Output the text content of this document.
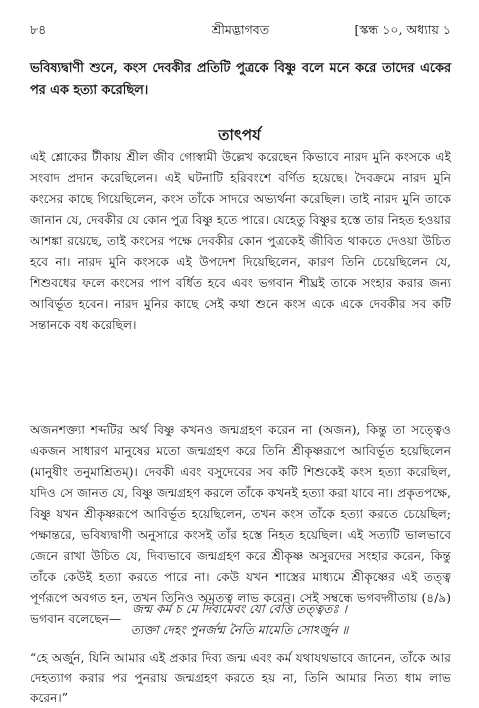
৮৪	শ্রীমদ্ভাগবত	[স্কন্ধ ১০, অধ্যায় ১
ভবিষ্যদ্বাণী শুনে, কংস দেবকীর প্রতিটি পুত্রকে বিষ্ণু বলে মনে করে তাদের একের পর এক হত্যা করেছিল।
তাৎপর্য

এই শ্লোকের টীকায় শ্রীল জীব গোস্বামী উল্লেখ করেছেন কিভাবে নারদ মুনি কংসকে এই সংবাদ প্রদান করেছিলেন। এই ঘটনাটি হরিবংশে বর্ণিত হয়েছে। দৈবক্রমে নারদ মুনি কংসের কাছে গিয়েছিলেন, কংস তাঁকে সাদরে অভ্যর্থনা করেছিল। তাই নারদ মুনি তাকে জানান যে, দেবকীর যে কোন পুত্র বিষ্ণু হতে পারে। যেহেতু বিষ্ণুর হস্তে তার নিহত হওয়ার আশঙ্কা রয়েছে, তাই কংসের পক্ষে দেবকীর কোন পুত্রকেই জীবিত থাকতে দেওয়া উচিত হবে না। নারদ মুনি কংসকে এই উপদেশ দিয়েছিলেন, কারণ তিনি চেয়েছিলেন যে, শিশুবধের ফলে কংসের পাপ বর্ধিত হবে এবং ভগবান শীঘ্রই তাকে সংহার করার জন্য আবির্ভূত হবেন। নারদ মুনির কাছে সেই কথা শুনে কংস একে একে দেবকীর সব কটি সন্তানকে বধ করেছিল।

অজনশক্ত্যা শব্দটির অর্থ বিষ্ণু কখনও জন্মগ্রহণ করেন না (অজন), কিন্তু তা সত্ত্বেও একজন সাধারণ মানুষের মতো জন্মগ্রহণ করে তিনি শ্রীকৃষ্ণরূপে আবির্ভূত হয়েছিলেন (মানুষীং তনুমাশ্রিতম্)। দেবকী এবং বসুদেবের সব কটি শিশুকেই কংস হত্যা করেছিল, যদিও সে জানত যে, বিষ্ণু জন্মগ্রহণ করলে তাঁকে কখনই হত্যা করা যাবে না। প্রকৃতপক্ষে, বিষ্ণু যখন শ্রীকৃষ্ণরূপে আবির্ভূত হয়েছিলেন, তখন কংস তাঁকে হত্যা করতে চেয়েছিল; পক্ষান্তরে, ভবিষ্যদ্বাণী অনুসারে কংসই তাঁর হস্তে নিহত হয়েছিল। এই সত্যটি ভালভাবে জেনে রাখা উচিত যে, দিব্যভাবে জন্মগ্রহণ করে শ্রীকৃষ্ণ অসুরদের সংহার করেন, কিন্তু তাঁকে কেউই হত্যা করতে পারে না। কেউ যখন শাস্ত্রের মাধ্যমে শ্রীকৃষ্ণের এই তত্ত্ব পূর্ণরূপে অবগত হন, তখন তিনিও অমৃতত্ব লাভ করেন। সেই সম্বন্ধে ভগবদ্গীতায় (৪/৯) ভগবান বলেছেন—

জন্ম কর্ম চ মে দিব্যমেবং যো বেত্তি তত্ত্বতঃ ।
ত্যক্তা দেহং পুনর্জন্ম নৈতি মামেতি সোঽর্জুন ॥
“হে অর্জুন, যিনি আমার এই প্রকার দিব্য জন্ম এবং কর্ম যথাযথভাবে জানেন, তাঁকে আর দেহত্যাগ করার পর পুনরায় জন্মগ্রহণ করতে হয় না, তিনি আমার নিত্য ধাম লাভ করেন।”
